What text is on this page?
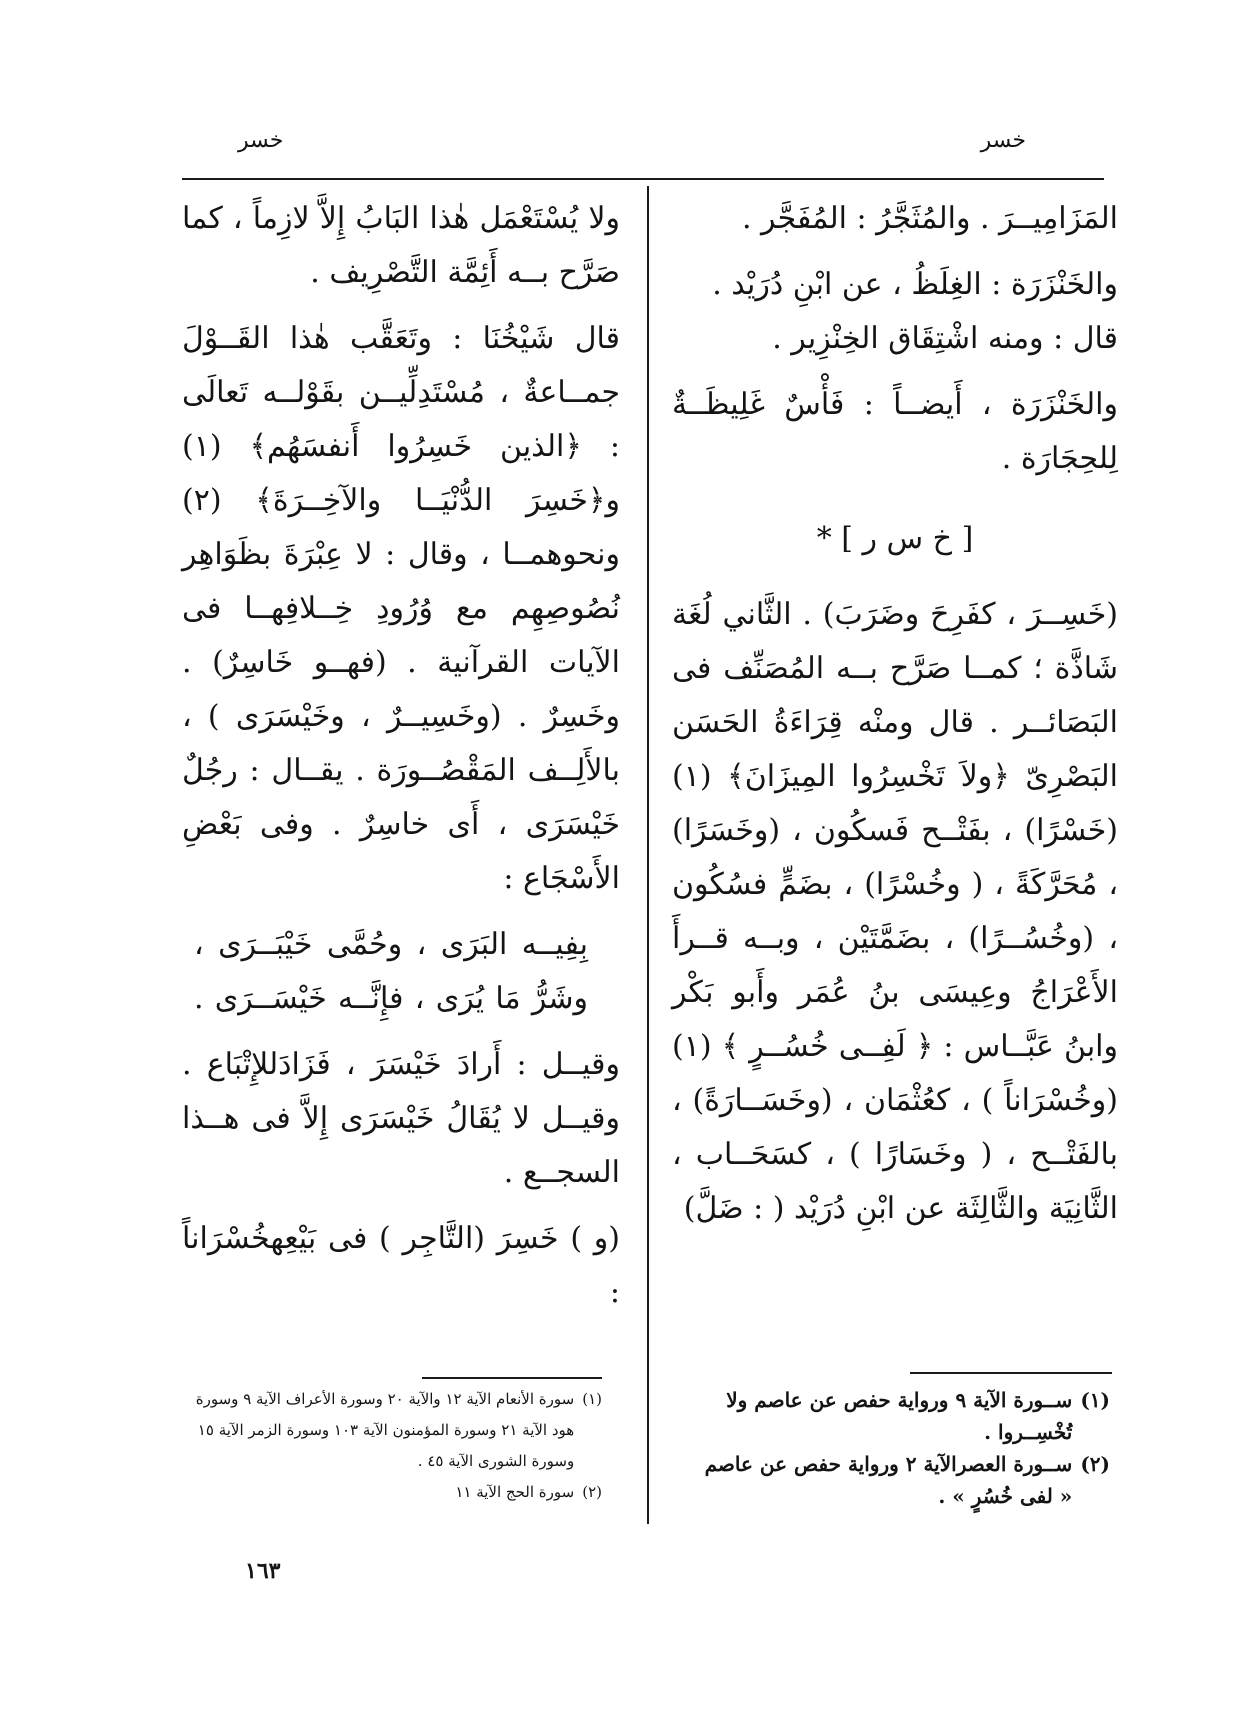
خسر
خسر

المَزَامِيــرَ . والمُثَجَّرُ : المُفَجَّر .

والخَنْزَرَة : الغِلَظُ ، عن ابْنِ دُرَيْد .

قال : ومنه اشْتِقَاق الخِنْزِير .

والخَنْزَرَة ، أَيضــاً : فَأْسٌ غَلِيظَــةٌ لِلحِجَارَة .

[ خ س ر ] *

(خَسِــرَ ، كفَرِحَ وضَرَبَ) . الثَّاني لُغَة شَاذَّة ؛ كمــا صَرَّح بــه المُصَنِّف فى البَصَائــر . قال ومنْه قِرَاءَةُ الحَسَن البَصْرِىّ ﴿ولاَ تَخْسِرُوا المِيزَانَ﴾ (١) (خَسْرًا) ، بفَتْــح فَسكُون ، (وخَسَرًا) ، مُحَرَّكَةً ، ( وخُسْرًا) ، بضَمٍّ فسُكُون ، (وخُسُــرًا) ، بضَمَّتَيْن ، وبــه قــرأَ الأَعْرَاجُ وعِيسَى بنُ عُمَر وأَبو بَكْر وابنُ عَبَّــاس : ﴿ لَفِــى خُسُــرٍ ﴾ (١) (وخُسْرَاناً ) ، كعُثْمَان ، (وخَسَــارَةً) ، بالفَتْــح ، ( وخَسَارًا ) ، كسَحَــاب ، الثَّانِيَة والثَّالِثَة عن ابْنِ دُرَيْد ( : ضَلَّ)

ولا يُسْتَعْمَل هٰذا البَابُ إِلاَّ لازِماً ، كما صَرَّح بــه أَئِمَّة التَّصْرِيف .

قال شَيْخُنَا : وتَعَقَّب هٰذا القَــوْلَ جمــاعةٌ ، مُسْتَدِلِّيــن بقَوْلــه تَعالَى : ﴿الذين خَسِرُوا أَنفسَهُم﴾ (١) و﴿خَسِرَ الدُّنْيَــا والآخِــرَةَ﴾ (٢) ونحوهمــا ، وقال : لا عِبْرَةَ بظَوَاهِر نُصُوصِهِم مع وُرُودِ خِــلافِهــا فى الآيات القرآنية . (فهــو خَاسِرٌ) . وخَسِرٌ . (وخَسِيــرٌ ، وخَيْسَرَى ) ، بالأَلِــف المَقْصُــورَة . يقــال : رجُلٌ خَيْسَرَى ، أَى خاسِرٌ . وفى بَعْضِ الأَسْجَاع :

بِفِيــه البَرَى ، وحُمَّى خَيْبَــرَى ،
وشَرُّ مَا يُرَى ، فإِنَّــه خَيْسَــرَى .

وقيــل : أَرادَ خَيْسَرَ ، فَزَادَللإِتْبَاع . وقيــل لا يُقَالُ خَيْسَرَى إِلاَّ فى هــذا السجــع .

(و ) خَسِرَ (التَّاجِر ) فى بَيْعِهخُسْرَاناً :

(١)
ســورة الآية ٩ ورواية حفص عن عاصم ولا تُخْسِــروا .
(٢)
ســورة العصرالآية ٢ ورواية حفص عن عاصم « لفى خُسُرٍ » .
(١)
سورة الأنعام الآية ١٢ والآية ٢٠ وسورة الأعراف الآية ٩ وسورة هود الآية ٢١ وسورة المؤمنون الآية ١٠٣ وسورة الزمر الآية ١٥ وسورة الشورى الآية ٤٥ .
(٢)
سورة الحج الآية ١١
١٦٣
